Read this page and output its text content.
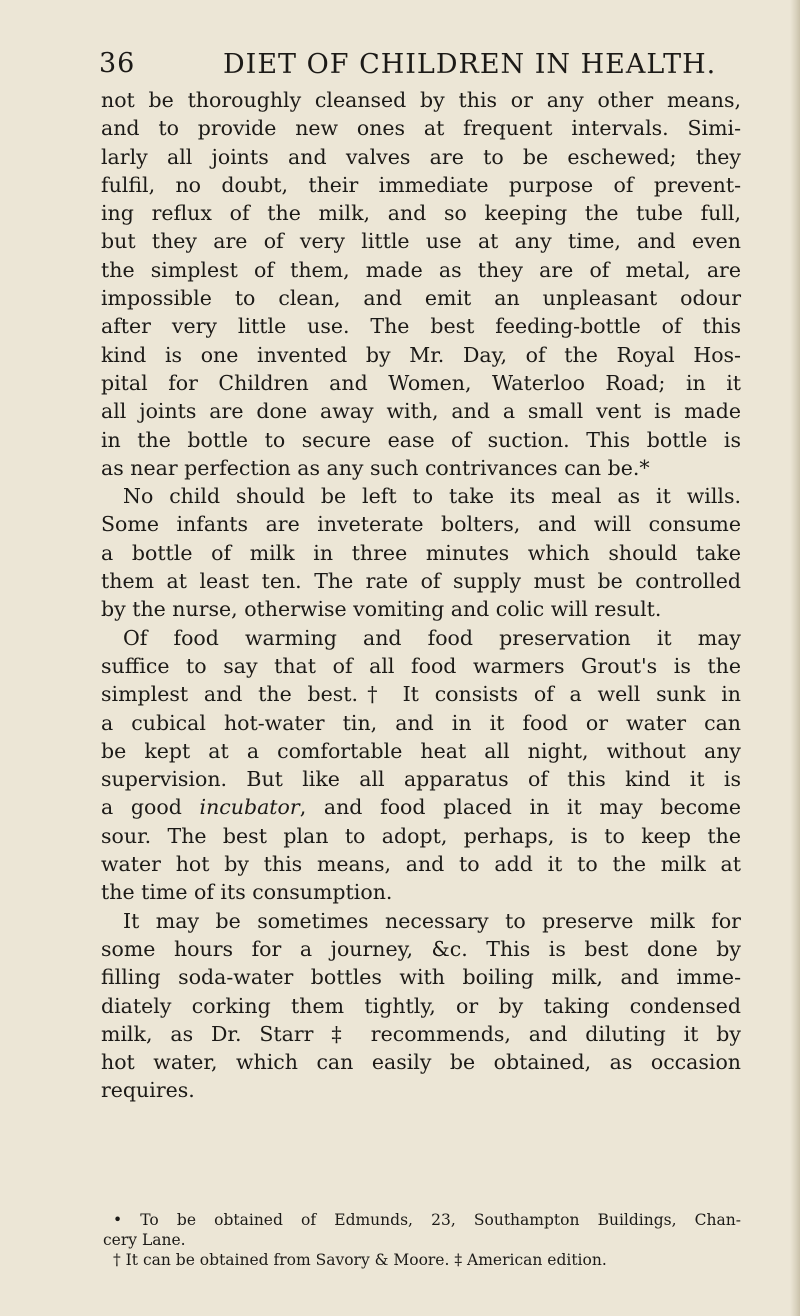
36	DIET OF CHILDREN IN HEALTH.
not be thoroughly cleansed by this or any other means,
and to provide new ones at frequent intervals. Simi-
larly all joints and valves are to be eschewed; they
fulfil, no doubt, their immediate purpose of prevent-
ing reflux of the milk, and so keeping the tube full,
but they are of very little use at any time, and even
the simplest of them, made as they are of metal, are
impossible to clean, and emit an unpleasant odour
after very little use. The best feeding-bottle of this
kind is one invented by Mr. Day, of the Royal Hos-
pital for Children and Women, Waterloo Road; in it
all joints are done away with, and a small vent is made
in the bottle to secure ease of suction. This bottle is
as near perfection as any such contrivances can be.*
No child should be left to take its meal as it wills.
Some infants are inveterate bolters, and will consume
a bottle of milk in three minutes which should take
them at least ten. The rate of supply must be controlled
by the nurse, otherwise vomiting and colic will result.
Of food warming and food preservation it may
suffice to say that of all food warmers Grout's is the
simplest and the best.† It consists of a well sunk in
a cubical hot-water tin, and in it food or water can
be kept at a comfortable heat all night, without any
supervision. But like all apparatus of this kind it is
a good incubator, and food placed in it may become
sour. The best plan to adopt, perhaps, is to keep the
water hot by this means, and to add it to the milk at
the time of its consumption.
It may be sometimes necessary to preserve milk for
some hours for a journey, &c. This is best done by
filling soda-water bottles with boiling milk, and imme-
diately corking them tightly, or by taking condensed
milk, as Dr. Starr ‡ recommends, and diluting it by
hot water, which can easily be obtained, as occasion
requires.
• To be obtained of Edmunds, 23, Southampton Buildings, Chan-
cery Lane.
† It can be obtained from Savory & Moore. ‡ American edition.
